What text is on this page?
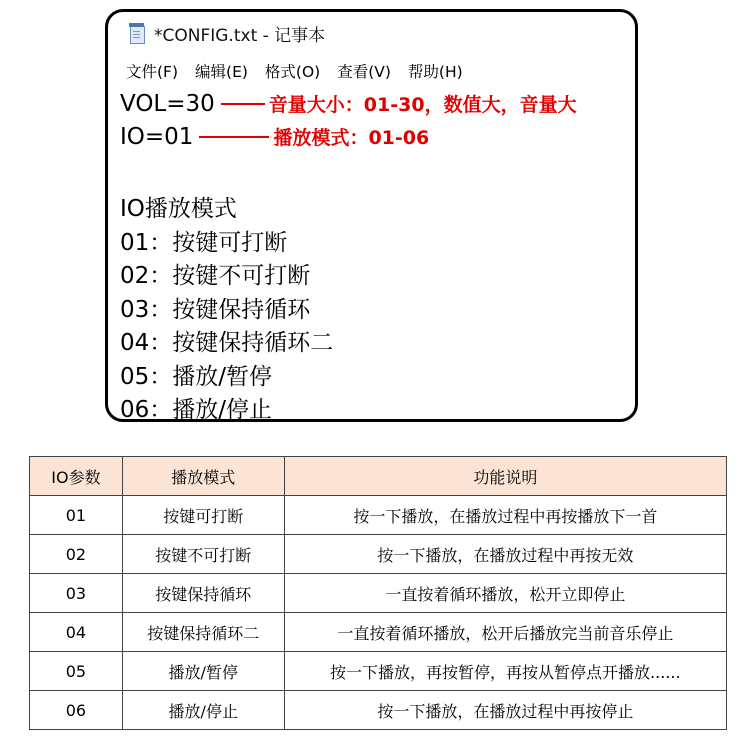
*CONFIG.txt - 记事本
文件(F) 编辑(E) 格式(O) 查看(V) 帮助(H)
VOL=30	音量大小：01-30，数值大，音量大
IO=01	播放模式：01-06
IO播放模式
01：按键可打断
02：按键不可打断
03：按键保持循环
04：按键保持循环二
05：播放/暂停
06：播放/停止
IO参数	播放模式	功能说明
01	按键可打断	按一下播放，在播放过程中再按播放下一首
02	按键不可打断	按一下播放，在播放过程中再按无效
03	按键保持循环	一直按着循环播放，松开立即停止
04	按键保持循环二	一直按着循环播放，松开后播放完当前音乐停止
05	播放/暂停	按一下播放，再按暂停，再按从暂停点开播放......
06	播放/停止	按一下播放，在播放过程中再按停止
